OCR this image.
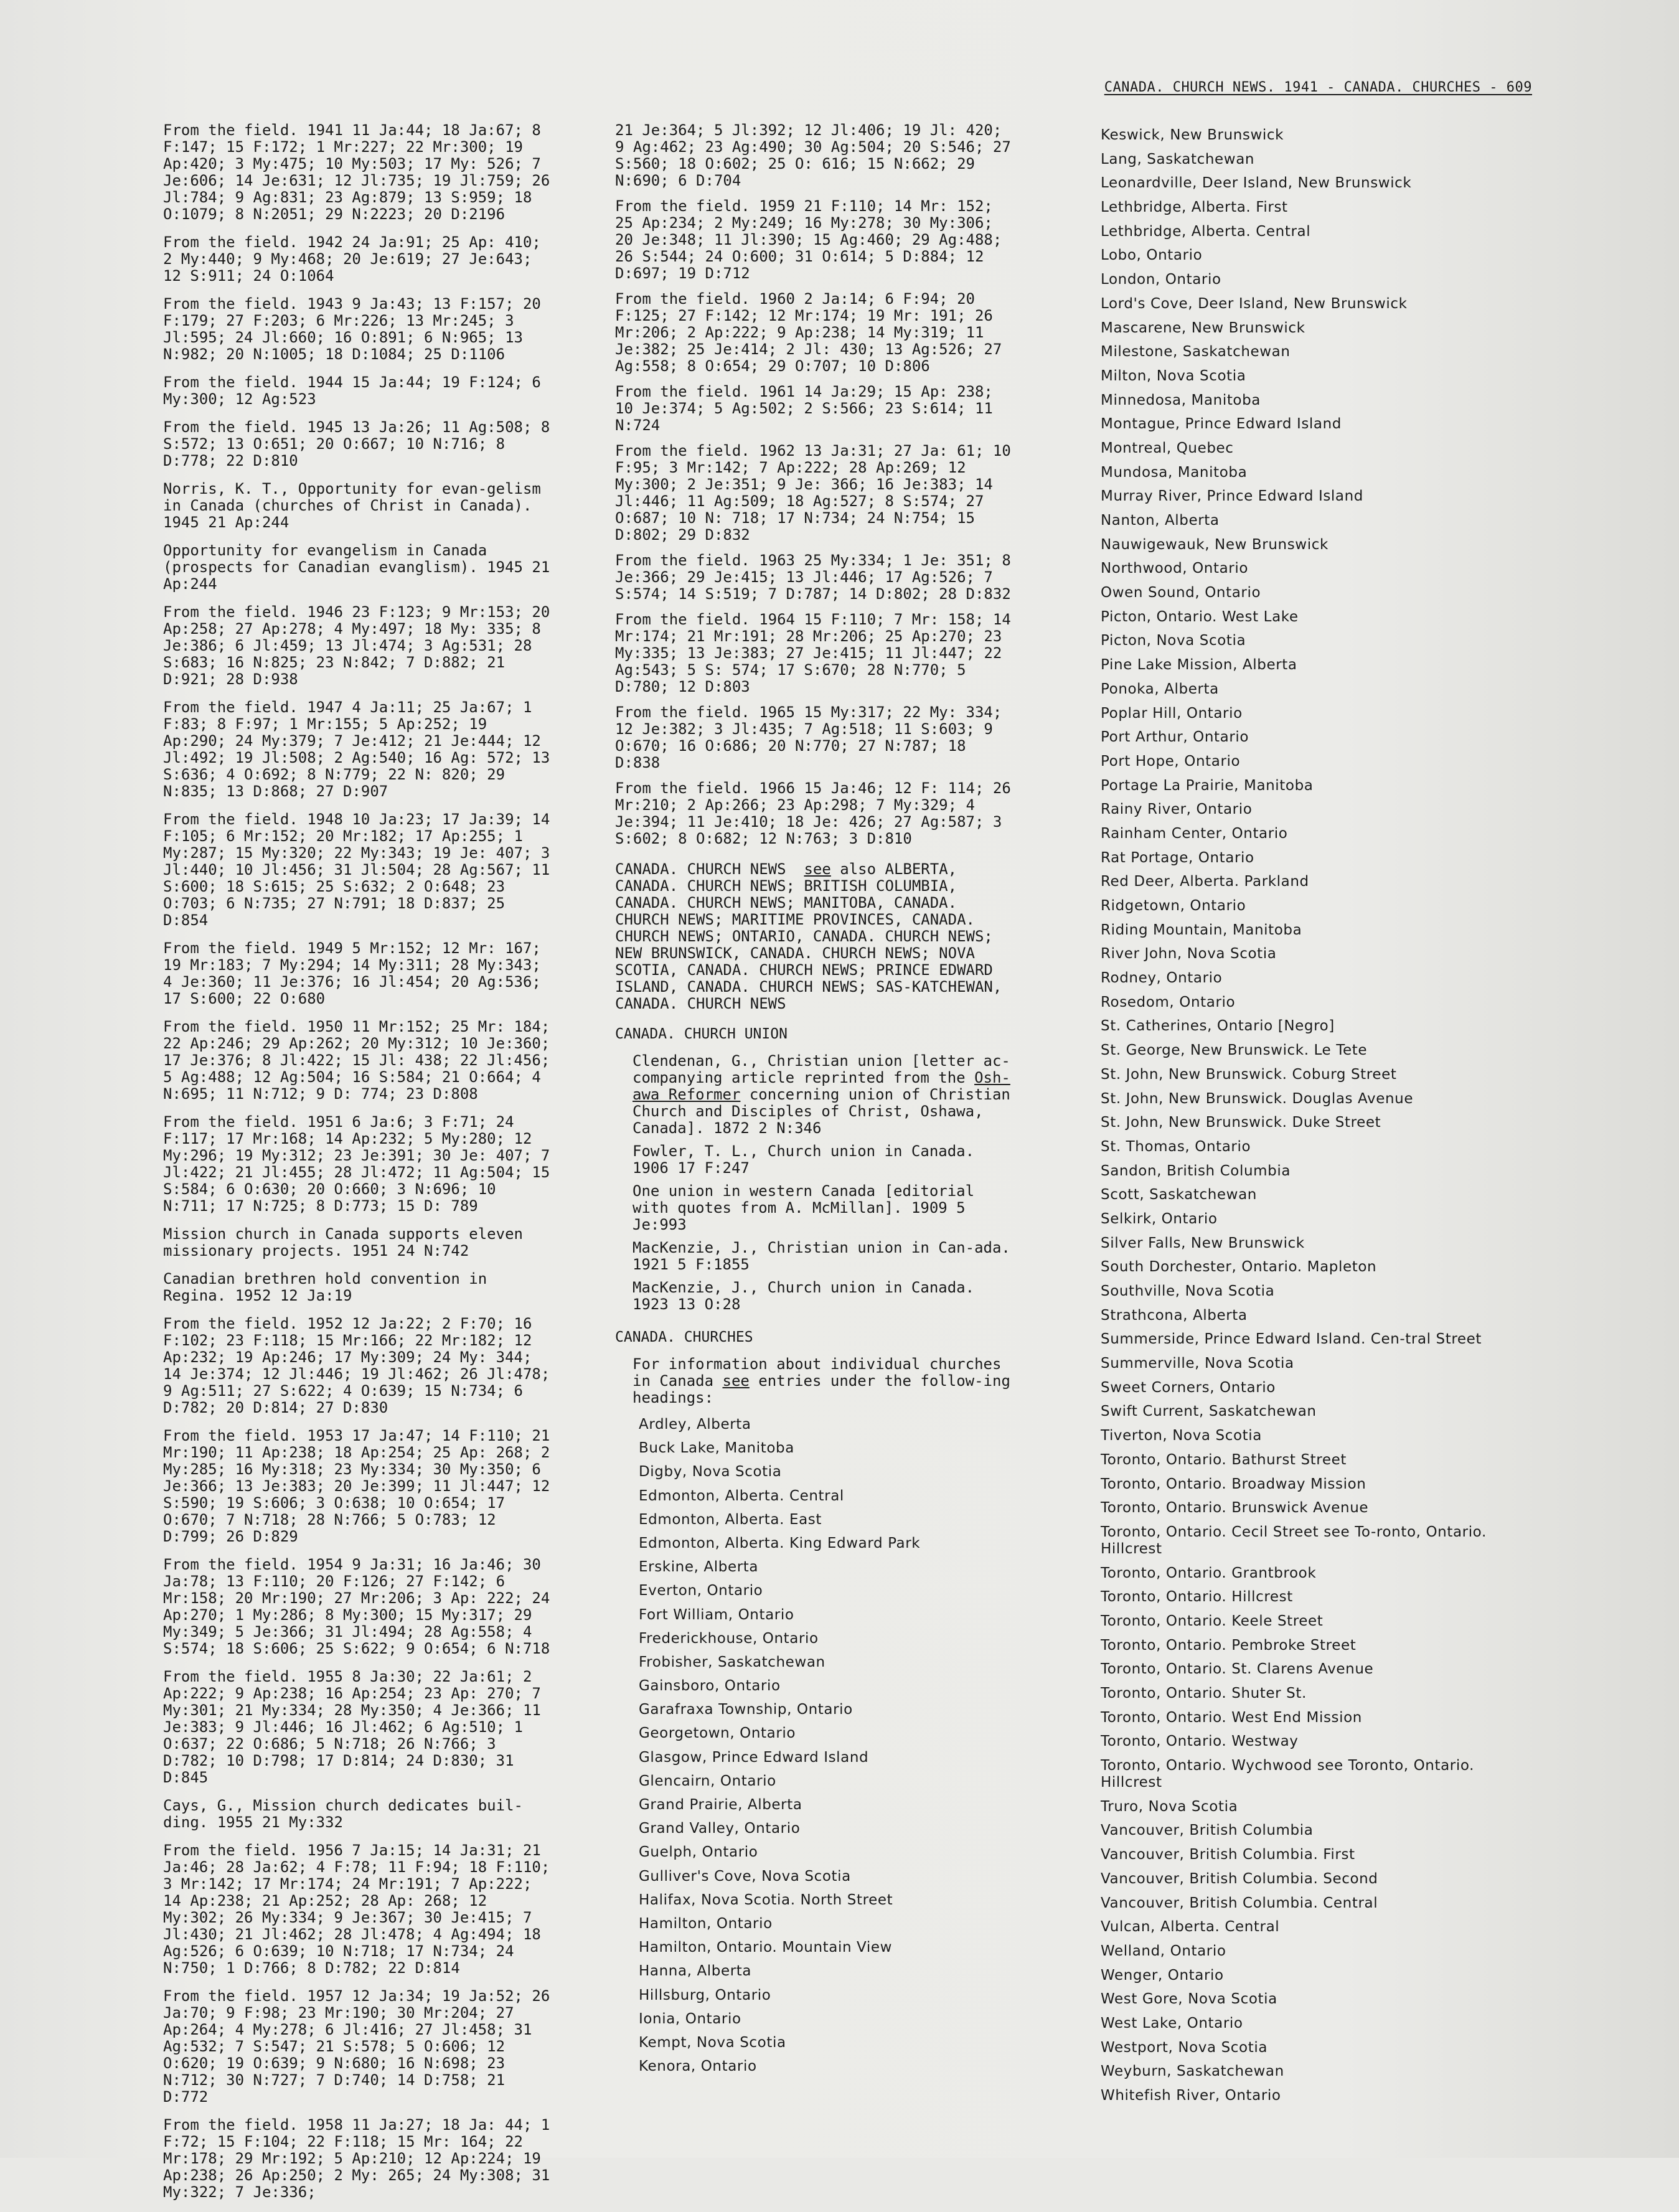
CANADA. CHURCH NEWS. 1941 - CANADA. CHURCHES - 609
From the field. 1941 11 Ja:44; 18 Ja:67; 8 F:147; 15 F:172; 1 Mr:227; 22 Mr:300; 19 Ap:420; 3 My:475; 10 My:503; 17 My: 526; 7 Je:606; 14 Je:631; 12 Jl:735; 19 Jl:759; 26 Jl:784; 9 Ag:831; 23 Ag:879; 13 S:959; 18 O:1079; 8 N:2051; 29 N:2223; 20 D:2196
From the field. 1942 24 Ja:91; 25 Ap: 410; 2 My:440; 9 My:468; 20 Je:619; 27 Je:643; 12 S:911; 24 O:1064
From the field. 1943 9 Ja:43; 13 F:157; 20 F:179; 27 F:203; 6 Mr:226; 13 Mr:245; 3 Jl:595; 24 Jl:660; 16 O:891; 6 N:965; 13 N:982; 20 N:1005; 18 D:1084; 25 D:1106
From the field. 1944 15 Ja:44; 19 F:124; 6 My:300; 12 Ag:523
From the field. 1945 13 Ja:26; 11 Ag:508; 8 S:572; 13 O:651; 20 O:667; 10 N:716; 8 D:778; 22 D:810
Norris, K. T., Opportunity for evan-gelism in Canada (churches of Christ in Canada). 1945 21 Ap:244
Opportunity for evangelism in Canada (prospects for Canadian evanglism). 1945 21 Ap:244
From the field. 1946 23 F:123; 9 Mr:153; 20 Ap:258; 27 Ap:278; 4 My:497; 18 My: 335; 8 Je:386; 6 Jl:459; 13 Jl:474; 3 Ag:531; 28 S:683; 16 N:825; 23 N:842; 7 D:882; 21 D:921; 28 D:938
From the field. 1947 4 Ja:11; 25 Ja:67; 1 F:83; 8 F:97; 1 Mr:155; 5 Ap:252; 19 Ap:290; 24 My:379; 7 Je:412; 21 Je:444; 12 Jl:492; 19 Jl:508; 2 Ag:540; 16 Ag: 572; 13 S:636; 4 O:692; 8 N:779; 22 N: 820; 29 N:835; 13 D:868; 27 D:907
From the field. 1948 10 Ja:23; 17 Ja:39; 14 F:105; 6 Mr:152; 20 Mr:182; 17 Ap:255; 1 My:287; 15 My:320; 22 My:343; 19 Je: 407; 3 Jl:440; 10 Jl:456; 31 Jl:504; 28 Ag:567; 11 S:600; 18 S:615; 25 S:632; 2 O:648; 23 O:703; 6 N:735; 27 N:791; 18 D:837; 25 D:854
From the field. 1949 5 Mr:152; 12 Mr: 167; 19 Mr:183; 7 My:294; 14 My:311; 28 My:343; 4 Je:360; 11 Je:376; 16 Jl:454; 20 Ag:536; 17 S:600; 22 O:680
From the field. 1950 11 Mr:152; 25 Mr: 184; 22 Ap:246; 29 Ap:262; 20 My:312; 10 Je:360; 17 Je:376; 8 Jl:422; 15 Jl: 438; 22 Jl:456; 5 Ag:488; 12 Ag:504; 16 S:584; 21 O:664; 4 N:695; 11 N:712; 9 D: 774; 23 D:808
From the field. 1951 6 Ja:6; 3 F:71; 24 F:117; 17 Mr:168; 14 Ap:232; 5 My:280; 12 My:296; 19 My:312; 23 Je:391; 30 Je: 407; 7 Jl:422; 21 Jl:455; 28 Jl:472; 11 Ag:504; 15 S:584; 6 O:630; 20 O:660; 3 N:696; 10 N:711; 17 N:725; 8 D:773; 15 D: 789
Mission church in Canada supports eleven missionary projects. 1951 24 N:742
Canadian brethren hold convention in Regina. 1952 12 Ja:19
From the field. 1952 12 Ja:22; 2 F:70; 16 F:102; 23 F:118; 15 Mr:166; 22 Mr:182; 12 Ap:232; 19 Ap:246; 17 My:309; 24 My: 344; 14 Je:374; 12 Jl:446; 19 Jl:462; 26 Jl:478; 9 Ag:511; 27 S:622; 4 O:639; 15 N:734; 6 D:782; 20 D:814; 27 D:830
From the field. 1953 17 Ja:47; 14 F:110; 21 Mr:190; 11 Ap:238; 18 Ap:254; 25 Ap: 268; 2 My:285; 16 My:318; 23 My:334; 30 My:350; 6 Je:366; 13 Je:383; 20 Je:399; 11 Jl:447; 12 S:590; 19 S:606; 3 O:638; 10 O:654; 17 O:670; 7 N:718; 28 N:766; 5 O:783; 12 D:799; 26 D:829
From the field. 1954 9 Ja:31; 16 Ja:46; 30 Ja:78; 13 F:110; 20 F:126; 27 F:142; 6 Mr:158; 20 Mr:190; 27 Mr:206; 3 Ap: 222; 24 Ap:270; 1 My:286; 8 My:300; 15 My:317; 29 My:349; 5 Je:366; 31 Jl:494; 28 Ag:558; 4 S:574; 18 S:606; 25 S:622; 9 O:654; 6 N:718
From the field. 1955 8 Ja:30; 22 Ja:61; 2 Ap:222; 9 Ap:238; 16 Ap:254; 23 Ap: 270; 7 My:301; 21 My:334; 28 My:350; 4 Je:366; 11 Je:383; 9 Jl:446; 16 Jl:462; 6 Ag:510; 1 O:637; 22 O:686; 5 N:718; 26 N:766; 3 D:782; 10 D:798; 17 D:814; 24 D:830; 31 D:845
Cays, G., Mission church dedicates buil-ding. 1955 21 My:332
From the field. 1956 7 Ja:15; 14 Ja:31; 21 Ja:46; 28 Ja:62; 4 F:78; 11 F:94; 18 F:110; 3 Mr:142; 17 Mr:174; 24 Mr:191; 7 Ap:222; 14 Ap:238; 21 Ap:252; 28 Ap: 268; 12 My:302; 26 My:334; 9 Je:367; 30 Je:415; 7 Jl:430; 21 Jl:462; 28 Jl:478; 4 Ag:494; 18 Ag:526; 6 O:639; 10 N:718; 17 N:734; 24 N:750; 1 D:766; 8 D:782; 22 D:814
From the field. 1957 12 Ja:34; 19 Ja:52; 26 Ja:70; 9 F:98; 23 Mr:190; 30 Mr:204; 27 Ap:264; 4 My:278; 6 Jl:416; 27 Jl:458; 31 Ag:532; 7 S:547; 21 S:578; 5 O:606; 12 O:620; 19 O:639; 9 N:680; 16 N:698; 23 N:712; 30 N:727; 7 D:740; 14 D:758; 21 D:772
From the field. 1958 11 Ja:27; 18 Ja: 44; 1 F:72; 15 F:104; 22 F:118; 15 Mr: 164; 22 Mr:178; 29 Mr:192; 5 Ap:210; 12 Ap:224; 19 Ap:238; 26 Ap:250; 2 My: 265; 24 My:308; 31 My:322; 7 Je:336;
21 Je:364; 5 Jl:392; 12 Jl:406; 19 Jl: 420; 9 Ag:462; 23 Ag:490; 30 Ag:504; 20 S:546; 27 S:560; 18 O:602; 25 O: 616; 15 N:662; 29 N:690; 6 D:704
From the field. 1959 21 F:110; 14 Mr: 152; 25 Ap:234; 2 My:249; 16 My:278; 30 My:306; 20 Je:348; 11 Jl:390; 15 Ag:460; 29 Ag:488; 26 S:544; 24 O:600; 31 O:614; 5 D:884; 12 D:697; 19 D:712
From the field. 1960 2 Ja:14; 6 F:94; 20 F:125; 27 F:142; 12 Mr:174; 19 Mr: 191; 26 Mr:206; 2 Ap:222; 9 Ap:238; 14 My:319; 11 Je:382; 25 Je:414; 2 Jl: 430; 13 Ag:526; 27 Ag:558; 8 O:654; 29 O:707; 10 D:806
From the field. 1961 14 Ja:29; 15 Ap: 238; 10 Je:374; 5 Ag:502; 2 S:566; 23 S:614; 11 N:724
From the field. 1962 13 Ja:31; 27 Ja: 61; 10 F:95; 3 Mr:142; 7 Ap:222; 28 Ap:269; 12 My:300; 2 Je:351; 9 Je: 366; 16 Je:383; 14 Jl:446; 11 Ag:509; 18 Ag:527; 8 S:574; 27 O:687; 10 N: 718; 17 N:734; 24 N:754; 15 D:802; 29 D:832
From the field. 1963 25 My:334; 1 Je: 351; 8 Je:366; 29 Je:415; 13 Jl:446; 17 Ag:526; 7 S:574; 14 S:519; 7 D:787; 14 D:802; 28 D:832
From the field. 1964 15 F:110; 7 Mr: 158; 14 Mr:174; 21 Mr:191; 28 Mr:206; 25 Ap:270; 23 My:335; 13 Je:383; 27 Je:415; 11 Jl:447; 22 Ag:543; 5 S: 574; 17 S:670; 28 N:770; 5 D:780; 12 D:803
From the field. 1965 15 My:317; 22 My: 334; 12 Je:382; 3 Jl:435; 7 Ag:518; 11 S:603; 9 O:670; 16 O:686; 20 N:770; 27 N:787; 18 D:838
From the field. 1966 15 Ja:46; 12 F: 114; 26 Mr:210; 2 Ap:266; 23 Ap:298; 7 My:329; 4 Je:394; 11 Je:410; 18 Je: 426; 27 Ag:587; 3 S:602; 8 O:682; 12 N:763; 3 D:810
CANADA. CHURCH NEWS see also ALBERTA, CANADA. CHURCH NEWS; BRITISH COLUMBIA, CANADA. CHURCH NEWS; MANITOBA, CANADA. CHURCH NEWS; MARITIME PROVINCES, CANADA. CHURCH NEWS; ONTARIO, CANADA. CHURCH NEWS; NEW BRUNSWICK, CANADA. CHURCH NEWS; NOVA SCOTIA, CANADA. CHURCH NEWS; PRINCE EDWARD ISLAND, CANADA. CHURCH NEWS; SAS-KATCHEWAN, CANADA. CHURCH NEWS
CANADA. CHURCH UNION
Clendenan, G., Christian union [letter ac-companying article reprinted from the Osh-awa Reformer concerning union of Christian Church and Disciples of Christ, Oshawa, Canada]. 1872 2 N:346
Fowler, T. L., Church union in Canada. 1906 17 F:247
One union in western Canada [editorial with quotes from A. McMillan]. 1909 5 Je:993
MacKenzie, J., Christian union in Can-ada. 1921 5 F:1855
MacKenzie, J., Church union in Canada. 1923 13 O:28
CANADA. CHURCHES
For information about individual churches in Canada see entries under the follow-ing headings:
Ardley, Alberta
Buck Lake, Manitoba
Digby, Nova Scotia
Edmonton, Alberta. Central
Edmonton, Alberta. East
Edmonton, Alberta. King Edward Park
Erskine, Alberta
Everton, Ontario
Fort William, Ontario
Frederickhouse, Ontario
Frobisher, Saskatchewan
Gainsboro, Ontario
Garafraxa Township, Ontario
Georgetown, Ontario
Glasgow, Prince Edward Island
Glencairn, Ontario
Grand Prairie, Alberta
Grand Valley, Ontario
Guelph, Ontario
Gulliver's Cove, Nova Scotia
Halifax, Nova Scotia. North Street
Hamilton, Ontario
Hamilton, Ontario. Mountain View
Hanna, Alberta
Hillsburg, Ontario
Ionia, Ontario
Kempt, Nova Scotia
Kenora, Ontario
Keswick, New Brunswick
Lang, Saskatchewan
Leonardville, Deer Island, New Brunswick
Lethbridge, Alberta. First
Lethbridge, Alberta. Central
Lobo, Ontario
London, Ontario
Lord's Cove, Deer Island, New Brunswick
Mascarene, New Brunswick
Milestone, Saskatchewan
Milton, Nova Scotia
Minnedosa, Manitoba
Montague, Prince Edward Island
Montreal, Quebec
Mundosa, Manitoba
Murray River, Prince Edward Island
Nanton, Alberta
Nauwigewauk, New Brunswick
Northwood, Ontario
Owen Sound, Ontario
Picton, Ontario. West Lake
Picton, Nova Scotia
Pine Lake Mission, Alberta
Ponoka, Alberta
Poplar Hill, Ontario
Port Arthur, Ontario
Port Hope, Ontario
Portage La Prairie, Manitoba
Rainy River, Ontario
Rainham Center, Ontario
Rat Portage, Ontario
Red Deer, Alberta. Parkland
Ridgetown, Ontario
Riding Mountain, Manitoba
River John, Nova Scotia
Rodney, Ontario
Rosedom, Ontario
St. Catherines, Ontario [Negro]
St. George, New Brunswick. Le Tete
St. John, New Brunswick. Coburg Street
St. John, New Brunswick. Douglas Avenue
St. John, New Brunswick. Duke Street
St. Thomas, Ontario
Sandon, British Columbia
Scott, Saskatchewan
Selkirk, Ontario
Silver Falls, New Brunswick
South Dorchester, Ontario. Mapleton
Southville, Nova Scotia
Strathcona, Alberta
Summerside, Prince Edward Island. Cen-tral Street
Summerville, Nova Scotia
Sweet Corners, Ontario
Swift Current, Saskatchewan
Tiverton, Nova Scotia
Toronto, Ontario. Bathurst Street
Toronto, Ontario. Broadway Mission
Toronto, Ontario. Brunswick Avenue
Toronto, Ontario. Cecil Street see To-ronto, Ontario. Hillcrest
Toronto, Ontario. Grantbrook
Toronto, Ontario. Hillcrest
Toronto, Ontario. Keele Street
Toronto, Ontario. Pembroke Street
Toronto, Ontario. St. Clarens Avenue
Toronto, Ontario. Shuter St.
Toronto, Ontario. West End Mission
Toronto, Ontario. Westway
Toronto, Ontario. Wychwood see Toronto, Ontario. Hillcrest
Truro, Nova Scotia
Vancouver, British Columbia
Vancouver, British Columbia. First
Vancouver, British Columbia. Second
Vancouver, British Columbia. Central
Vulcan, Alberta. Central
Welland, Ontario
Wenger, Ontario
West Gore, Nova Scotia
West Lake, Ontario
Westport, Nova Scotia
Weyburn, Saskatchewan
Whitefish River, Ontario
